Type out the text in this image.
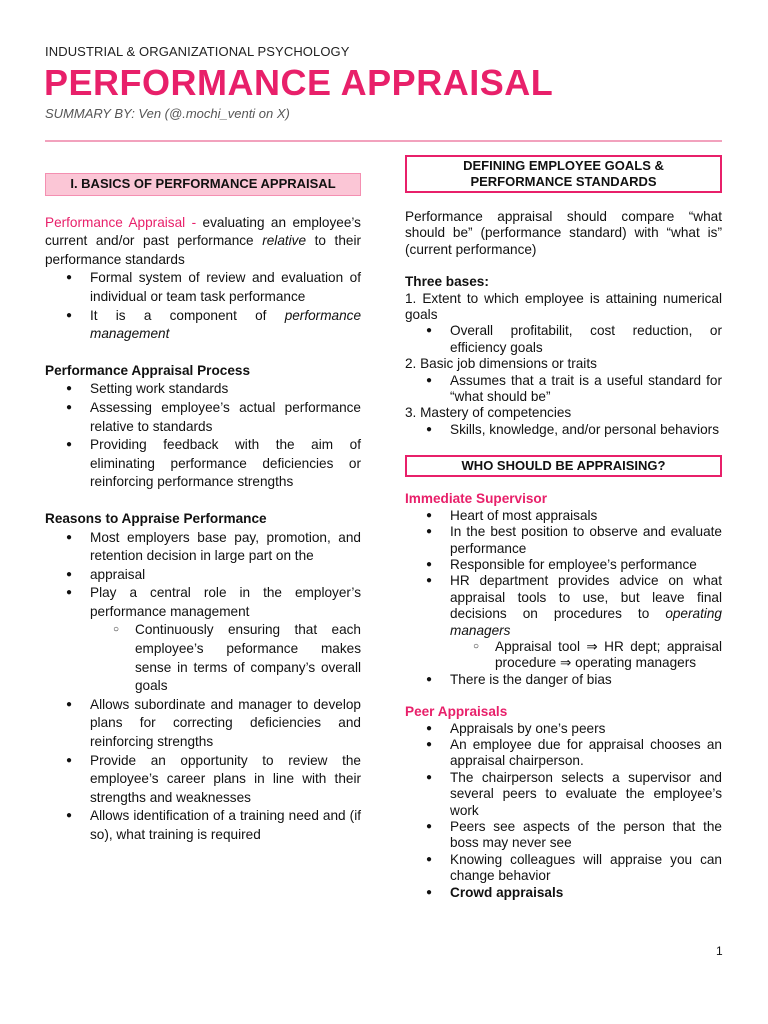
INDUSTRIAL & ORGANIZATIONAL PSYCHOLOGY
PERFORMANCE APPRAISAL
SUMMARY BY: Ven (@.mochi_venti on X)
I. BASICS OF PERFORMANCE APPRAISAL

Performance Appraisal - evaluating an employee’s current and/or past performance relative to their performance standards

● Formal system of review and evaluation of individual or team task performance
● It is a component of performance management
Performance Appraisal Process
● Setting work standards
● Assessing employee’s actual performance relative to standards
● Providing feedback with the aim of eliminating performance deficiencies or reinforcing performance strengths
Reasons to Appraise Performance
● Most employers base pay, promotion, and retention decision in large part on the
● appraisal
● Play a central role in the employer’s performance management
○ Continuously ensuring that each employee’s peformance makes sense in terms of company’s overall goals
● Allows subordinate and manager to develop plans for correcting deficiencies and reinforcing strengths
● Provide an opportunity to review the employee’s career plans in line with their strengths and weaknesses
● Allows identification of a training need and (if so), what training is required
DEFINING EMPLOYEE GOALS & PERFORMANCE STANDARDS

Performance appraisal should compare “what should be” (performance standard) with “what is” (current performance)

Three bases:

1. Extent to which employee is attaining numerical goals

● Overall profitabilit, cost reduction, or efficiency goals

2. Basic job dimensions or traits

● Assumes that a trait is a useful standard for “what should be”

3. Mastery of competencies

● Skills, knowledge, and/or personal behaviors
WHO SHOULD BE APPRAISING?
Immediate Supervisor
● Heart of most appraisals
● In the best position to observe and evaluate performance
● Responsible for employee’s performance
● HR department provides advice on what appraisal tools to use, but leave final decisions on procedures to operating managers
○ Appraisal tool ⇒ HR dept; appraisal procedure ⇒ operating managers
● There is the danger of bias
Peer Appraisals
● Appraisals by one’s peers
● An employee due for appraisal chooses an appraisal chairperson.
● The chairperson selects a supervisor and several peers to evaluate the employee’s work
● Peers see aspects of the person that the boss may never see
● Knowing colleagues will appraise you can change behavior
● Crowd appraisals
1
